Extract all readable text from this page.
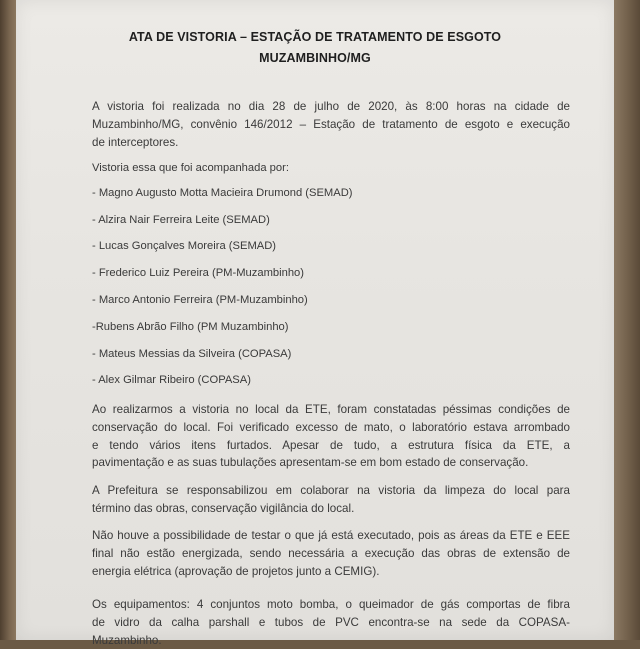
ATA DE VISTORIA – ESTAÇÃO DE TRATAMENTO DE ESGOTO
MUZAMBINHO/MG
A vistoria foi realizada no dia 28 de julho de 2020, às 8:00 horas na cidade de
Muzambinho/MG, convênio 146/2012 – Estação de tratamento de esgoto e execução
de interceptores.
Vistoria essa que foi acompanhada por:
- Magno Augusto Motta Macieira Drumond (SEMAD)
- Alzira Nair Ferreira Leite (SEMAD)
- Lucas Gonçalves Moreira (SEMAD)
- Frederico Luiz Pereira (PM-Muzambinho)
- Marco Antonio Ferreira (PM-Muzambinho)
-Rubens Abrão Filho (PM Muzambinho)
- Mateus Messias da Silveira (COPASA)
- Alex Gilmar Ribeiro (COPASA)
Ao realizarmos a vistoria no local da ETE, foram constatadas péssimas condições de
conservação do local. Foi verificado excesso de mato, o laboratório estava arrombado
e tendo vários itens furtados. Apesar de tudo, a estrutura física da ETE, a
pavimentação e as suas tubulações apresentam-se em bom estado de conservação.
A Prefeitura se responsabilizou em colaborar na vistoria da limpeza do local para
término das obras, conservação vigilância do local.
Não houve a possibilidade de testar o que já está executado, pois as áreas da ETE e EEE
final não estão energizada, sendo necessária a execução das obras de extensão de
energia elétrica (aprovação de projetos junto a CEMIG).
Os equipamentos: 4 conjuntos moto bomba, o queimador de gás comportas de fibra
de vidro da calha parshall e tubos de PVC encontra-se na sede da COPASA-
Muzambinho.
